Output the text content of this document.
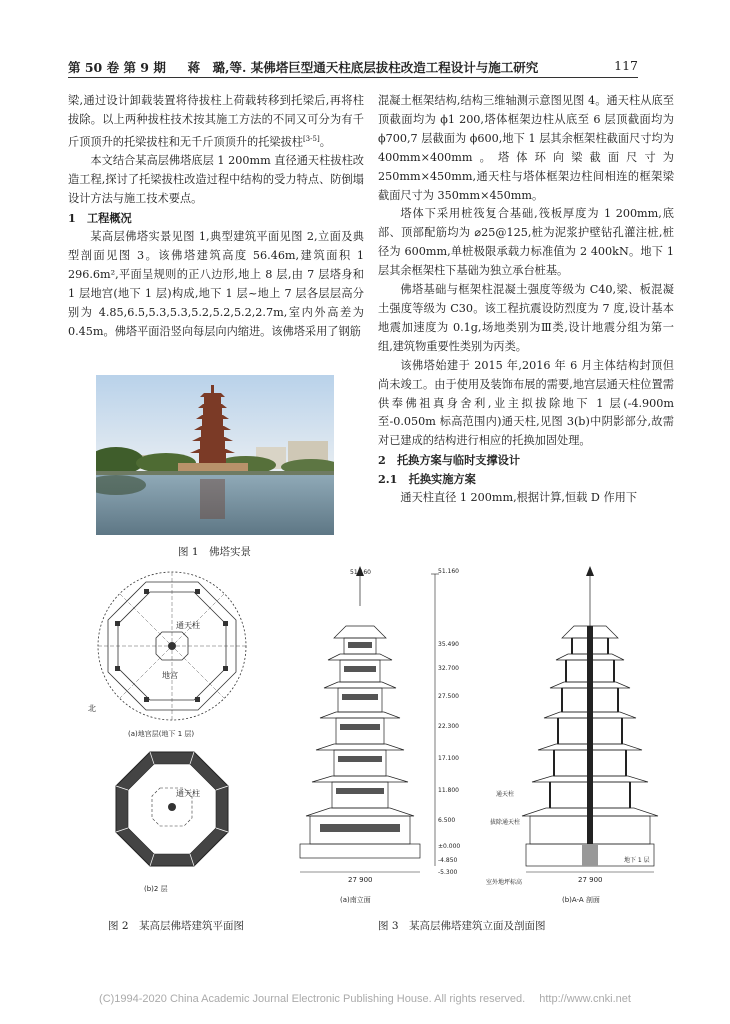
第 50 卷 第 9 期 蒋　璐,等. 某佛塔巨型通天柱底层拔柱改造工程设计与施工研究	117

梁,通过设计卸载装置将待拔柱上荷载转移到托梁后,再将柱拔除。以上两种拔柱技术按其施工方法的不同又可分为有千斤顶顶升的托梁拔柱和无千斤顶顶升的托梁拔柱[3-5]。

本文结合某高层佛塔底层 1 200mm 直径通天柱拔柱改造工程,探讨了托梁拔柱改造过程中结构的受力特点、防倒塌设计方法与施工技术要点。

1　工程概况

某高层佛塔实景见图 1,典型建筑平面见图 2,立面及典型剖面见图 3。该佛塔建筑高度 56.46m,建筑面积 1 296.6m²,平面呈规则的正八边形,地上 8 层,由 7 层塔身和 1 层地宫(地下 1 层)构成,地下 1 层~地上 7 层各层层高分别为 4.85,6.5,5.3,5.3,5.2,5.2,5.2,2.7m,室内外高差为 0.45m。佛塔平面沿竖向每层向内缩进。该佛塔采用了钢筋

图 1　佛塔实景

混凝土框架结构,结构三维轴测示意图见图 4。通天柱从底至顶截面均为 ϕ1 200,塔体框架边柱从底至 6 层顶截面均为 ϕ700,7 层截面为 ϕ600,地下 1 层其余框架柱截面尺寸均为 400mm×400mm。塔体环向梁截面尺寸为 250mm×450mm,通天柱与塔体框架边柱间相连的框架梁截面尺寸为 350mm×450mm。

塔体下采用桩筏复合基础,筏板厚度为 1 200mm,底部、顶部配筋均为 ⌀25@125,桩为泥浆护壁钻孔灌注桩,桩径为 600mm,单桩极限承载力标准值为 2 400kN。地下 1 层其余框架柱下基础为独立承台桩基。

佛塔基础与框架柱混凝土强度等级为 C40,梁、板混凝土强度等级为 C30。该工程抗震设防烈度为 7 度,设计基本地震加速度为 0.1g,场地类别为Ⅲ类,设计地震分组为第一组,建筑物重要性类别为丙类。

该佛塔始建于 2015 年,2016 年 6 月主体结构封顶但尚未竣工。由于使用及装饰布展的需要,地宫层通天柱位置需供奉佛祖真身舍利,业主拟拔除地下 1 层(-4.900m 至-0.050m 标高范围内)通天柱,见图 3(b)中阴影部分,故需对已建成的结构进行相应的托换加固处理。

2　托换方案与临时支撑设计
2.1　托换实施方案

通天柱直径 1 200mm,根据计算,恒载 D 作用下

通天柱
地宫
北
(a)地宫层(地下 1 层)
通天柱
(b)2 层
图 2　某高层佛塔建筑平面图
27 900
(a)南立面
51.160	51.160
35.490
32.700
27.500
22.300
17.100
11.800
6.500
±0.000
-4.850
-5.300
室外地坪标高
通天柱
拔除通天柱
地下 1 层
27 900
(b)A-A 剖面
图 3　某高层佛塔建筑立面及剖面图
(C)1994-2020 China Academic Journal Electronic Publishing House. All rights reserved.　 http://www.cnki.net
